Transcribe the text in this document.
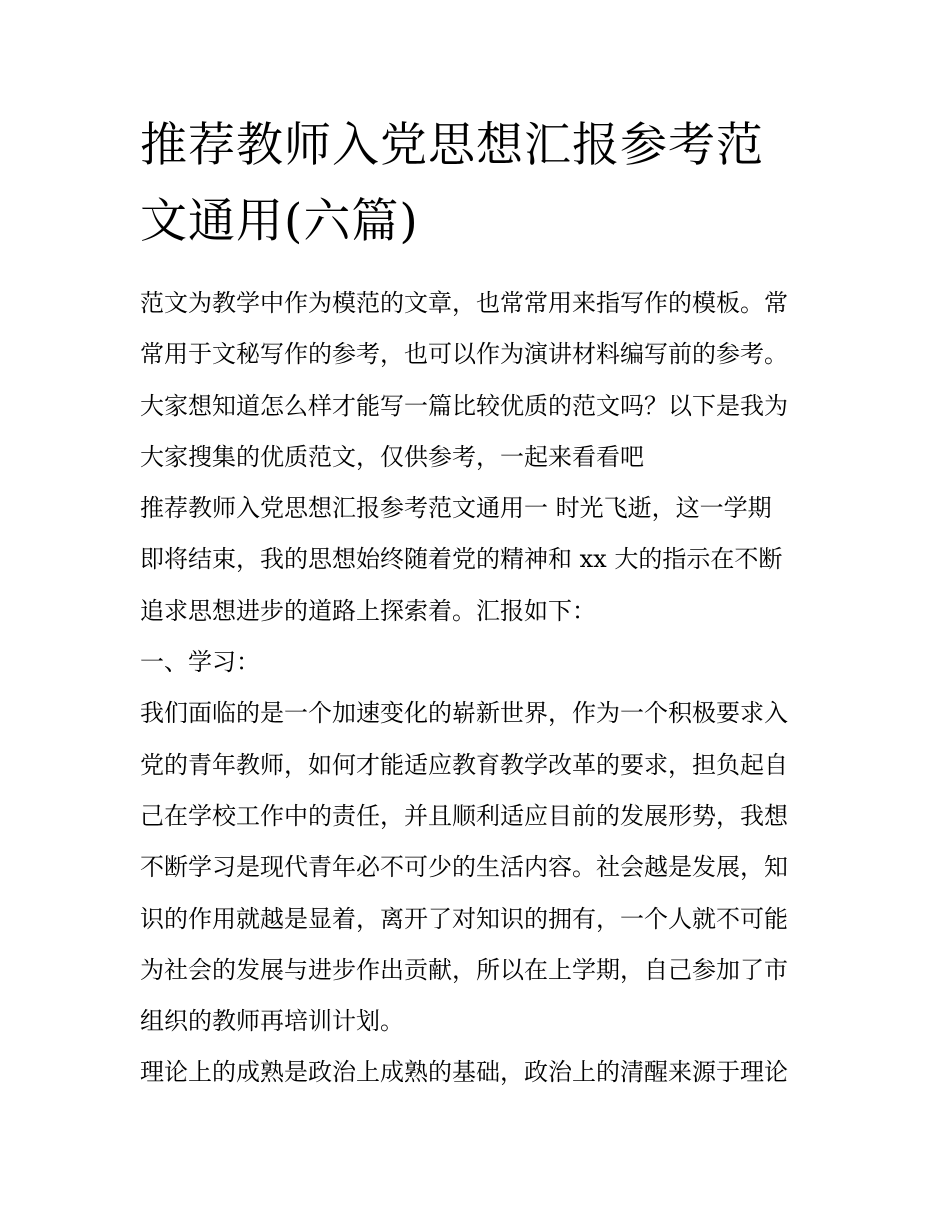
推荐教师入党思想汇报参考范
文通用(六篇)
范文为教学中作为模范的文章，也常常用来指写作的模板。常
常用于文秘写作的参考，也可以作为演讲材料编写前的参考。
大家想知道怎么样才能写一篇比较优质的范文吗？以下是我为
大家搜集的优质范文，仅供参考，一起来看看吧
推荐教师入党思想汇报参考范文通用一 时光飞逝，这一学期
即将结束，我的思想始终随着党的精神和 xx 大的指示在不断
追求思想进步的道路上探索着。汇报如下：
一、学习：
我们面临的是一个加速变化的崭新世界，作为一个积极要求入
党的青年教师，如何才能适应教育教学改革的要求，担负起自
己在学校工作中的责任，并且顺利适应目前的发展形势，我想
不断学习是现代青年必不可少的生活内容。社会越是发展，知
识的作用就越是显着，离开了对知识的拥有，一个人就不可能
为社会的发展与进步作出贡献，所以在上学期，自己参加了市
组织的教师再培训计划。
理论上的成熟是政治上成熟的基础，政治上的清醒来源于理论
